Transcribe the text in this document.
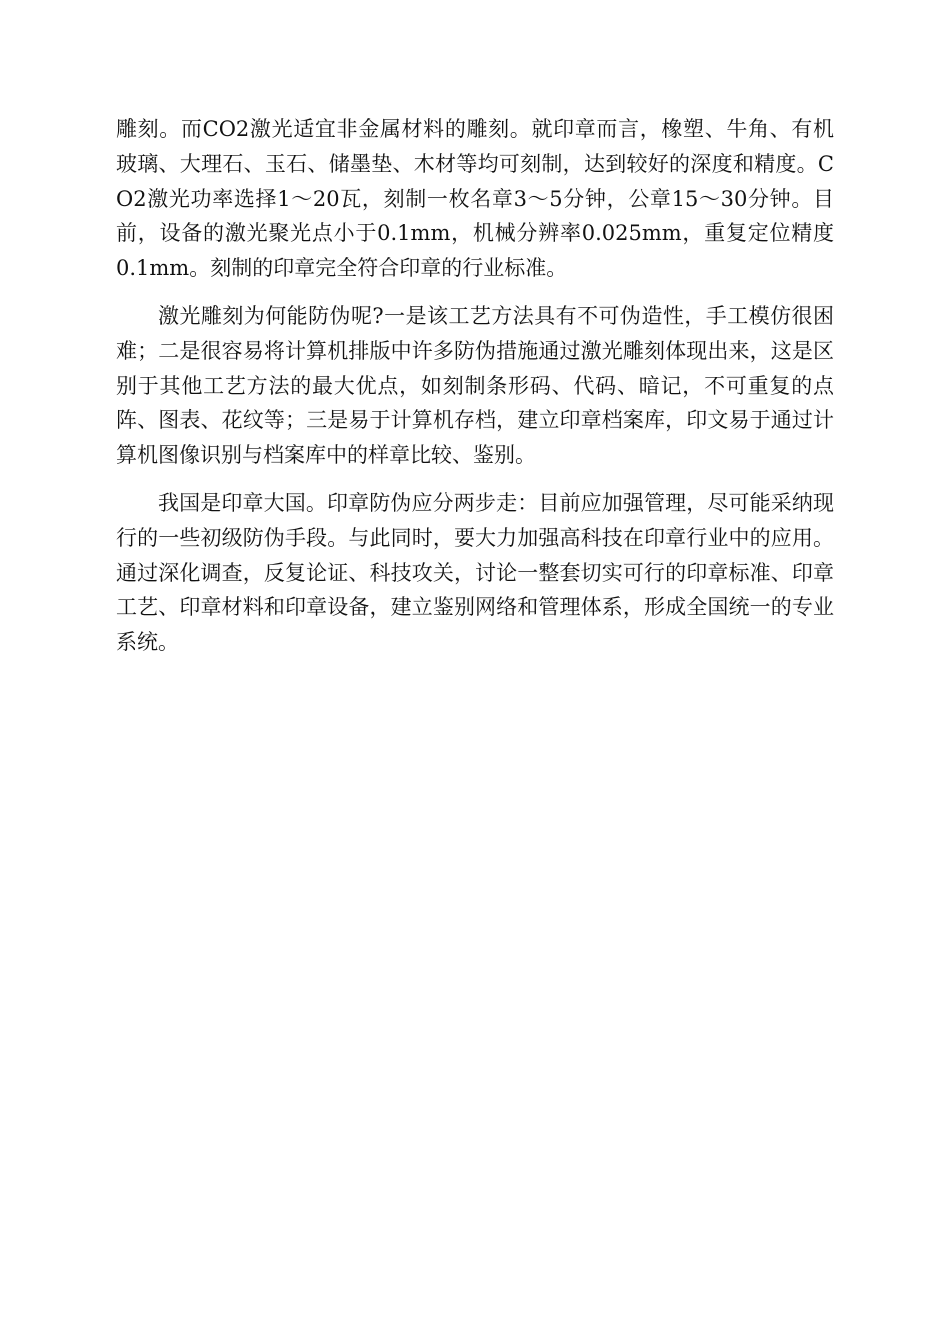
雕刻。而CO2激光适宜非金属材料的雕刻。就印章而言，橡塑、牛角、有机玻璃、大理石、玉石、储墨垫、木材等均可刻制，达到较好的深度和精度。CO2激光功率选择1～20瓦，刻制一枚名章3～5分钟，公章15～30分钟。目前，设备的激光聚光点小于0.1mm，机械分辨率0.025mm，重复定位精度0.1mm。刻制的印章完全符合印章的行业标准。

激光雕刻为何能防伪呢?一是该工艺方法具有不可伪造性，手工模仿很困难；二是很容易将计算机排版中许多防伪措施通过激光雕刻体现出来，这是区别于其他工艺方法的最大优点，如刻制条形码、代码、暗记，不可重复的点阵、图表、花纹等；三是易于计算机存档，建立印章档案库，印文易于通过计算机图像识别与档案库中的样章比较、鉴别。

我国是印章大国。印章防伪应分两步走：目前应加强管理，尽可能采纳现行的一些初级防伪手段。与此同时，要大力加强高科技在印章行业中的应用。通过深化调查，反复论证、科技攻关，讨论一整套切实可行的印章标准、印章工艺、印章材料和印章设备，建立鉴别网络和管理体系，形成全国统一的专业系统。
